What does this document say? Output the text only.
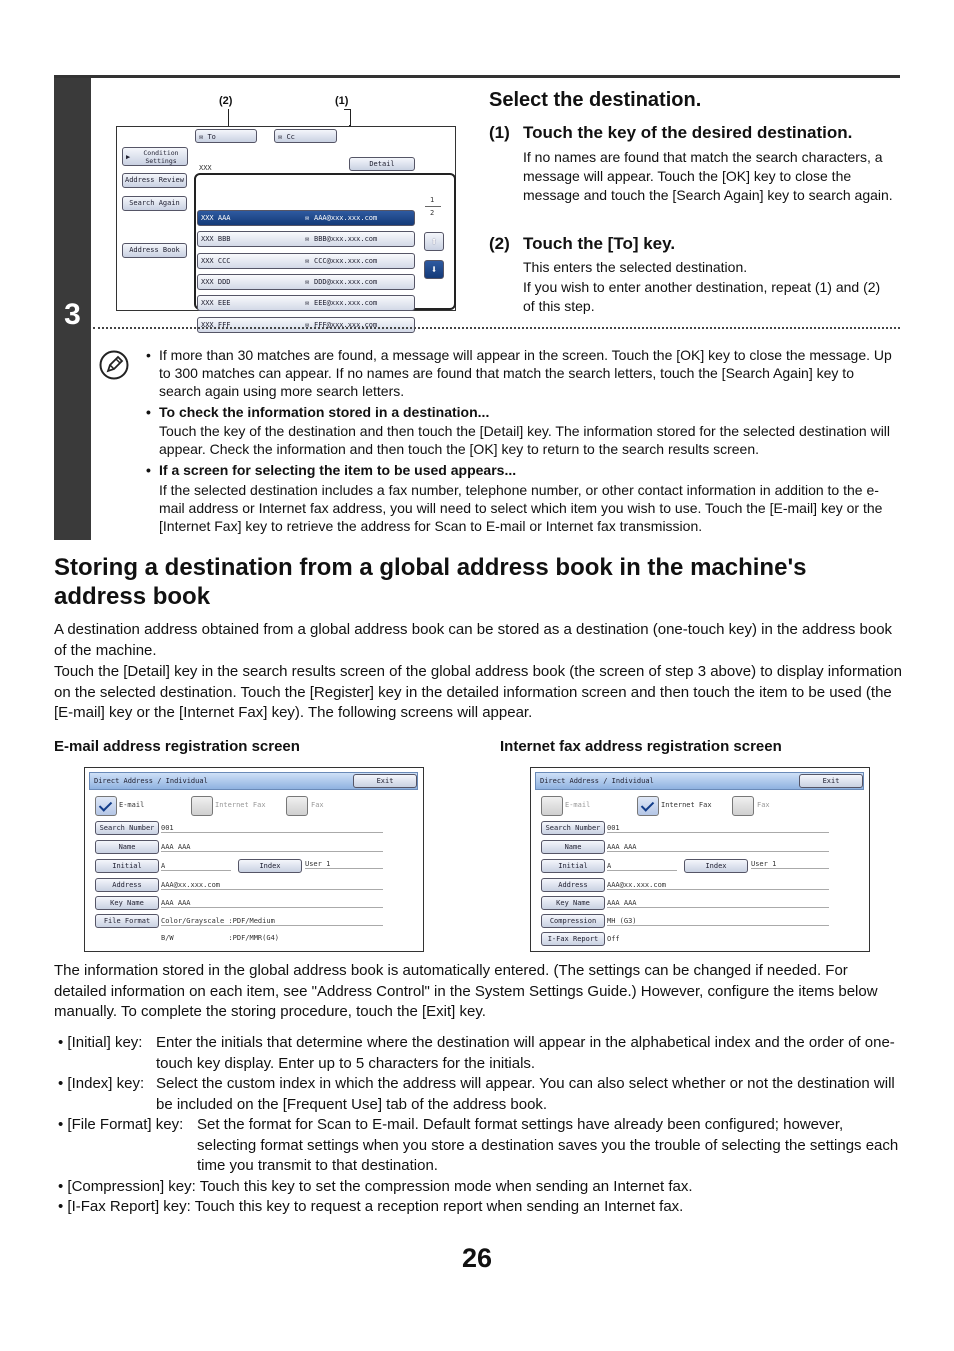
3
(2)	(1)
✉ To	✉ Cc
▶ Condition Settings
Address Review
Search Again
Address Book
XXX	Detail
XXX AAA	✉ AAA@xxx.xxx.com
XXX BBB	✉ BBB@xxx.xxx.com
XXX CCC	✉ CCC@xxx.xxx.com
XXX DDD	✉ DDD@xxx.xxx.com
XXX EEE	✉ EEE@xxx.xxx.com
XXX FFF	✉ FFF@xxx.xxx.com
1
2
⬆
⬇
Select the destination.
(1) Touch the key of the desired destination.
If no names are found that match the search characters, a message will appear. Touch the [OK] key to close the message and touch the [Search Again] key to search again.
(2) Touch the [To] key.
This enters the selected destination.
If you wish to enter another destination, repeat (1) and (2) of this step.
• If more than 30 matches are found, a message will appear in the screen. Touch the [OK] key to close the message. Up to 300 matches can appear. If no names are found that match the search letters, touch the [Search Again] key to search again using more search letters.
• To check the information stored in a destination...
Touch the key of the destination and then touch the [Detail] key. The information stored for the selected destination will appear. Check the information and then touch the [OK] key to return to the search results screen.
• If a screen for selecting the item to be used appears...
If the selected destination includes a fax number, telephone number, or other contact information in addition to the e-mail address or Internet fax address, you will need to select which item you wish to use. Touch the [E-mail] key or the [Internet Fax] key to retrieve the address for Scan to E-mail or Internet fax transmission.
Storing a destination from a global address book in the machine's address book
A destination address obtained from a global address book can be stored as a destination (one-touch key) in the address book of the machine.
Touch the [Detail] key in the search results screen of the global address book (the screen of step 3 above) to display information on the selected destination. Touch the [Register] key in the detailed information screen and then touch the item to be used (the [E-mail] key or the [Internet Fax] key). The following screens will appear.
E-mail address registration screen	Internet fax address registration screen
Direct Address / Individual	Exit
E-mail	Internet Fax	Fax
Search Number 001
Name	AAA AAA
Initial	A	Index	User 1
Address	AAA@xx.xxx.com
Key Name	AAA AAA
File Format	Color/Grayscale :PDF/Medium
B/W             :PDF/MMR(G4)
Direct Address / Individual	Exit
E-mail	Internet Fax	Fax
Search Number 001
Name	AAA AAA
Initial	A	Index	User 1
Address	AAA@xx.xxx.com
Key Name	AAA AAA
Compression	MH (G3)
I-Fax Report	Off
The information stored in the global address book is automatically entered. (The settings can be changed if needed. For detailed information on each item, see "Address Control" in the System Settings Guide.) However, configure the items below manually. To complete the storing procedure, touch the [Exit] key.
• [Initial] key: Enter the initials that determine where the destination will appear in the alphabetical index and the order of one-touch key display. Enter up to 5 characters for the initials.
• [Index] key: Select the custom index in which the address will appear. You can also select whether or not the destination will be included on the [Frequent Use] tab of the address book.
• [File Format] key: Set the format for Scan to E-mail. Default format settings have already been configured; however, selecting format settings when you store a destination saves you the trouble of selecting the settings each time you transmit to that destination.
• [Compression] key: Touch this key to set the compression mode when sending an Internet fax.
• [I-Fax Report] key: Touch this key to request a reception report when sending an Internet fax.
26
